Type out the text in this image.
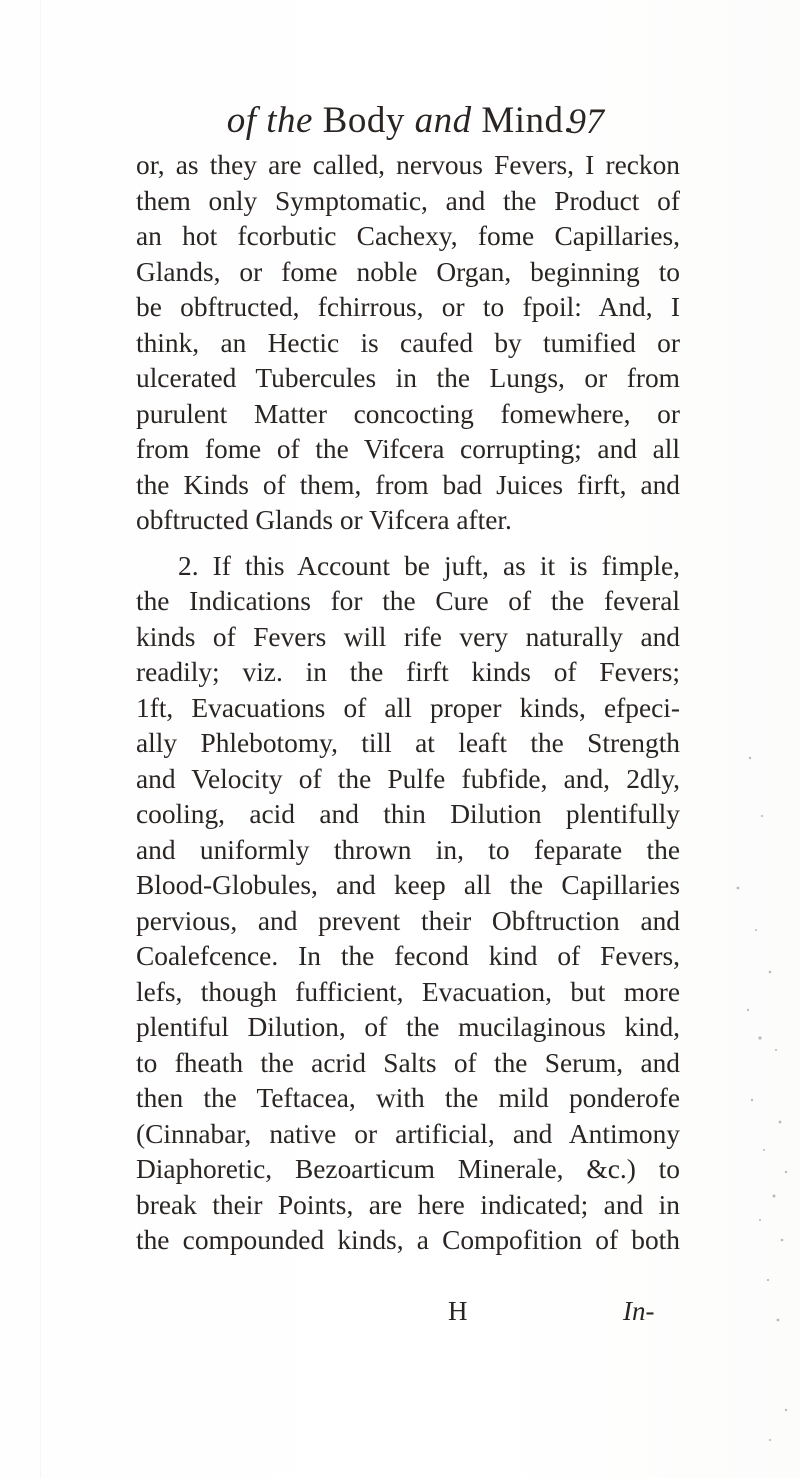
of the Body and Mind.
97
or, as they are called, nervous Fevers, I reckon
them only Symptomatic, and the Product of
an hot fcorbutic Cachexy, fome Capillaries,
Glands, or fome noble Organ, beginning to
be obftructed, fchirrous, or to fpoil: And, I
think, an Hectic is caufed by tumified or
ulcerated Tubercules in the Lungs, or from
purulent Matter concocting fomewhere, or
from fome of the Vifcera corrupting; and all
the Kinds of them, from bad Juices firft, and
obftructed Glands or Vifcera after.
2. If this Account be juft, as it is fimple,
the Indications for the Cure of the feveral
kinds of Fevers will rife very naturally and
readily; viz. in the firft kinds of Fevers;
1ft, Evacuations of all proper kinds, efpeci-
ally Phlebotomy, till at leaft the Strength
and Velocity of the Pulfe fubfide, and, 2dly,
cooling, acid and thin Dilution plentifully
and uniformly thrown in, to feparate the
Blood-Globules, and keep all the Capillaries
pervious, and prevent their Obftruction and
Coalefcence. In the fecond kind of Fevers,
lefs, though fufficient, Evacuation, but more
plentiful Dilution, of the mucilaginous kind,
to fheath the acrid Salts of the Serum, and
then the Teftacea, with the mild ponderofe
(Cinnabar, native or artificial, and Antimony
Diaphoretic, Bezoarticum Minerale, &c.) to
break their Points, are here indicated; and in
the compounded kinds, a Compofition of both
H	In-
